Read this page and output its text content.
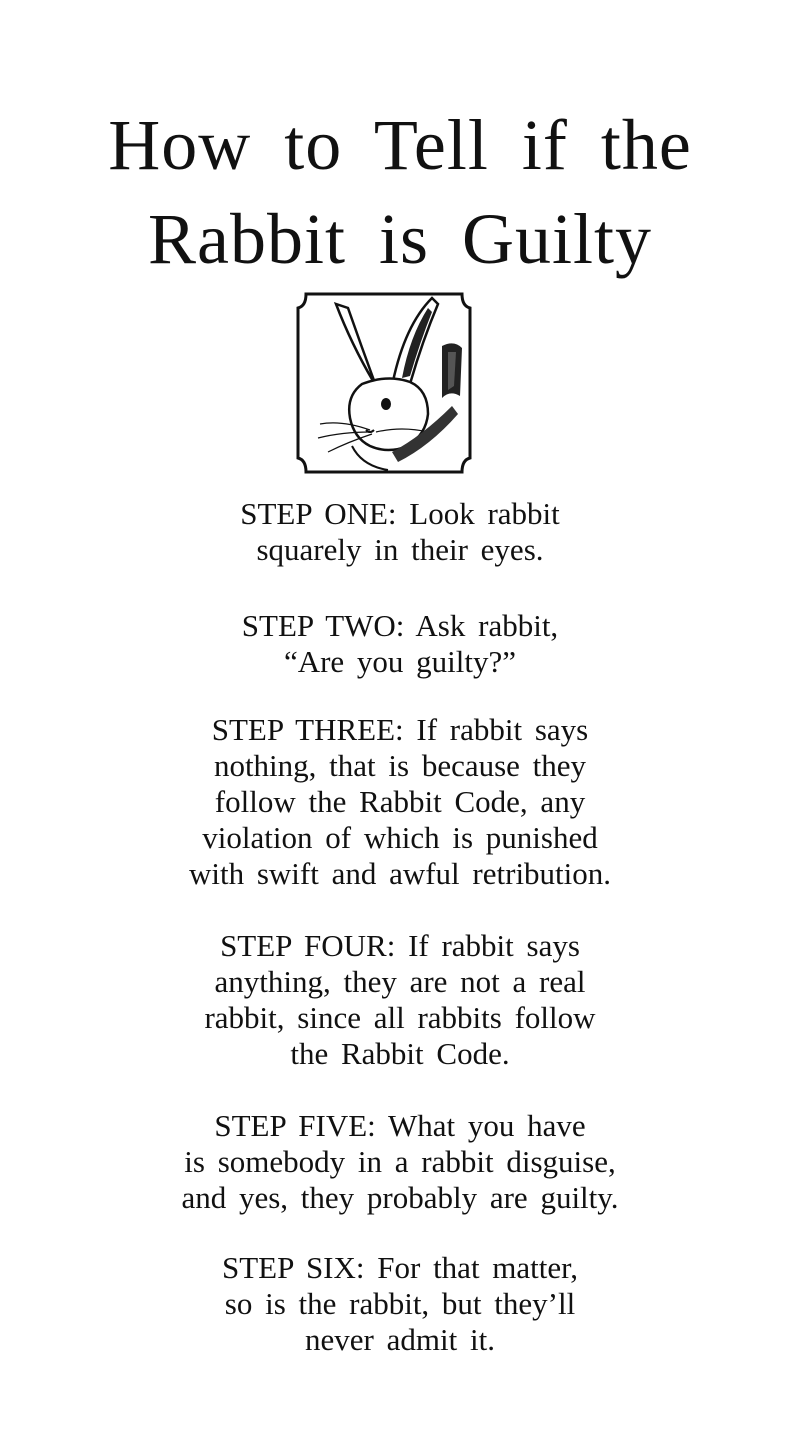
How to Tell if the
Rabbit is Guilty
STEP ONE: Look rabbit
squarely in their eyes.
STEP TWO: Ask rabbit,
“Are you guilty?”
STEP THREE: If rabbit says
nothing, that is because they
follow the Rabbit Code, any
violation of which is punished
with swift and awful retribution.
STEP FOUR: If rabbit says
anything, they are not a real
rabbit, since all rabbits follow
the Rabbit Code.
STEP FIVE: What you have
is somebody in a rabbit disguise,
and yes, they probably are guilty.
STEP SIX: For that matter,
so is the rabbit, but they’ll
never admit it.
